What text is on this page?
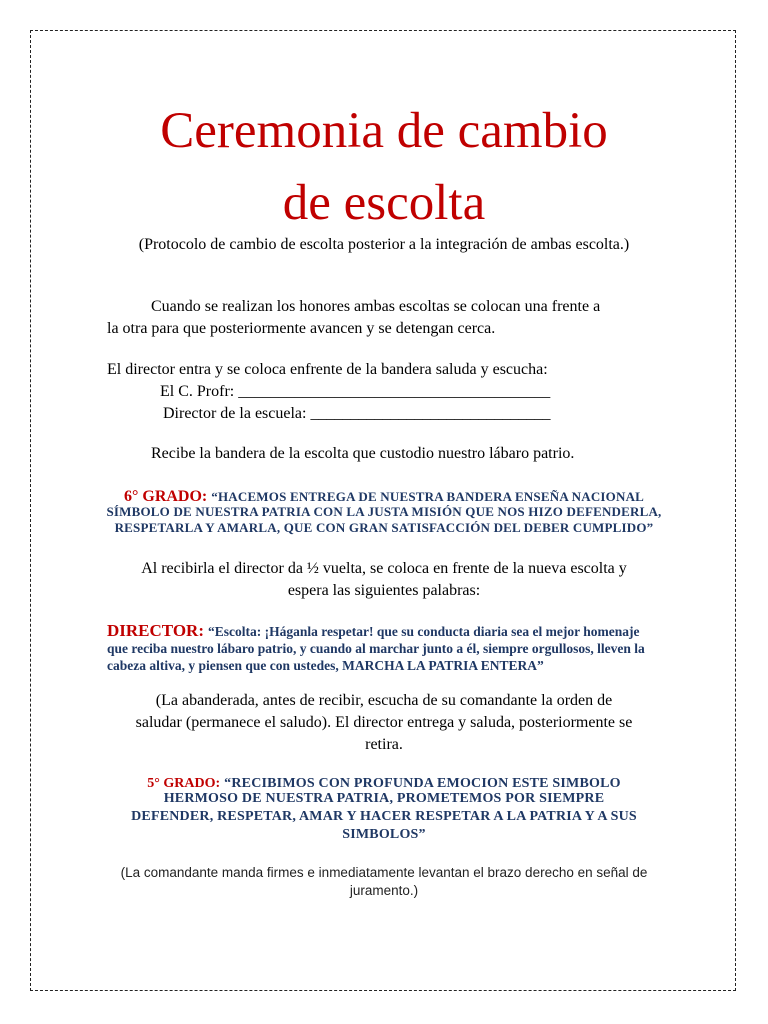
Ceremonia de cambio
de escolta
(Protocolo de cambio de escolta posterior a la integración de ambas escolta.)
Cuando se realizan los honores ambas escoltas se colocan una frente a
la otra para que posteriormente avancen y se detengan cerca.
El director entra y se coloca enfrente de la bandera saluda y escucha:
El C. Profr: _______________________________________
Director de la escuela: ______________________________
Recibe la bandera de la escolta que custodio nuestro lábaro patrio.
6° GRADO: “HACEMOS ENTREGA DE NUESTRA BANDERA ENSEÑA NACIONAL
SÍMBOLO DE NUESTRA PATRIA CON LA JUSTA MISIÓN QUE NOS HIZO DEFENDERLA,
RESPETARLA Y AMARLA, QUE CON GRAN SATISFACCIÓN DEL DEBER CUMPLIDO”
Al recibirla el director da ½ vuelta, se coloca en frente de la nueva escolta y
espera las siguientes palabras:
DIRECTOR: “Escolta: ¡Háganla respetar! que su conducta diaria sea el mejor homenaje
que reciba nuestro lábaro patrio, y cuando al marchar junto a él, siempre orgullosos, lleven la
cabeza altiva, y piensen que con ustedes, MARCHA LA PATRIA ENTERA”
(La abanderada, antes de recibir, escucha de su comandante la orden de
saludar (permanece el saludo). El director entrega y saluda, posteriormente se
retira.
5° GRADO: “RECIBIMOS CON PROFUNDA EMOCION ESTE SIMBOLO
HERMOSO DE NUESTRA PATRIA, PROMETEMOS POR SIEMPRE
DEFENDER, RESPETAR, AMAR Y HACER RESPETAR A LA PATRIA Y A SUS
SIMBOLOS”
(La comandante manda firmes e inmediatamente levantan el brazo derecho en señal de
juramento.)
